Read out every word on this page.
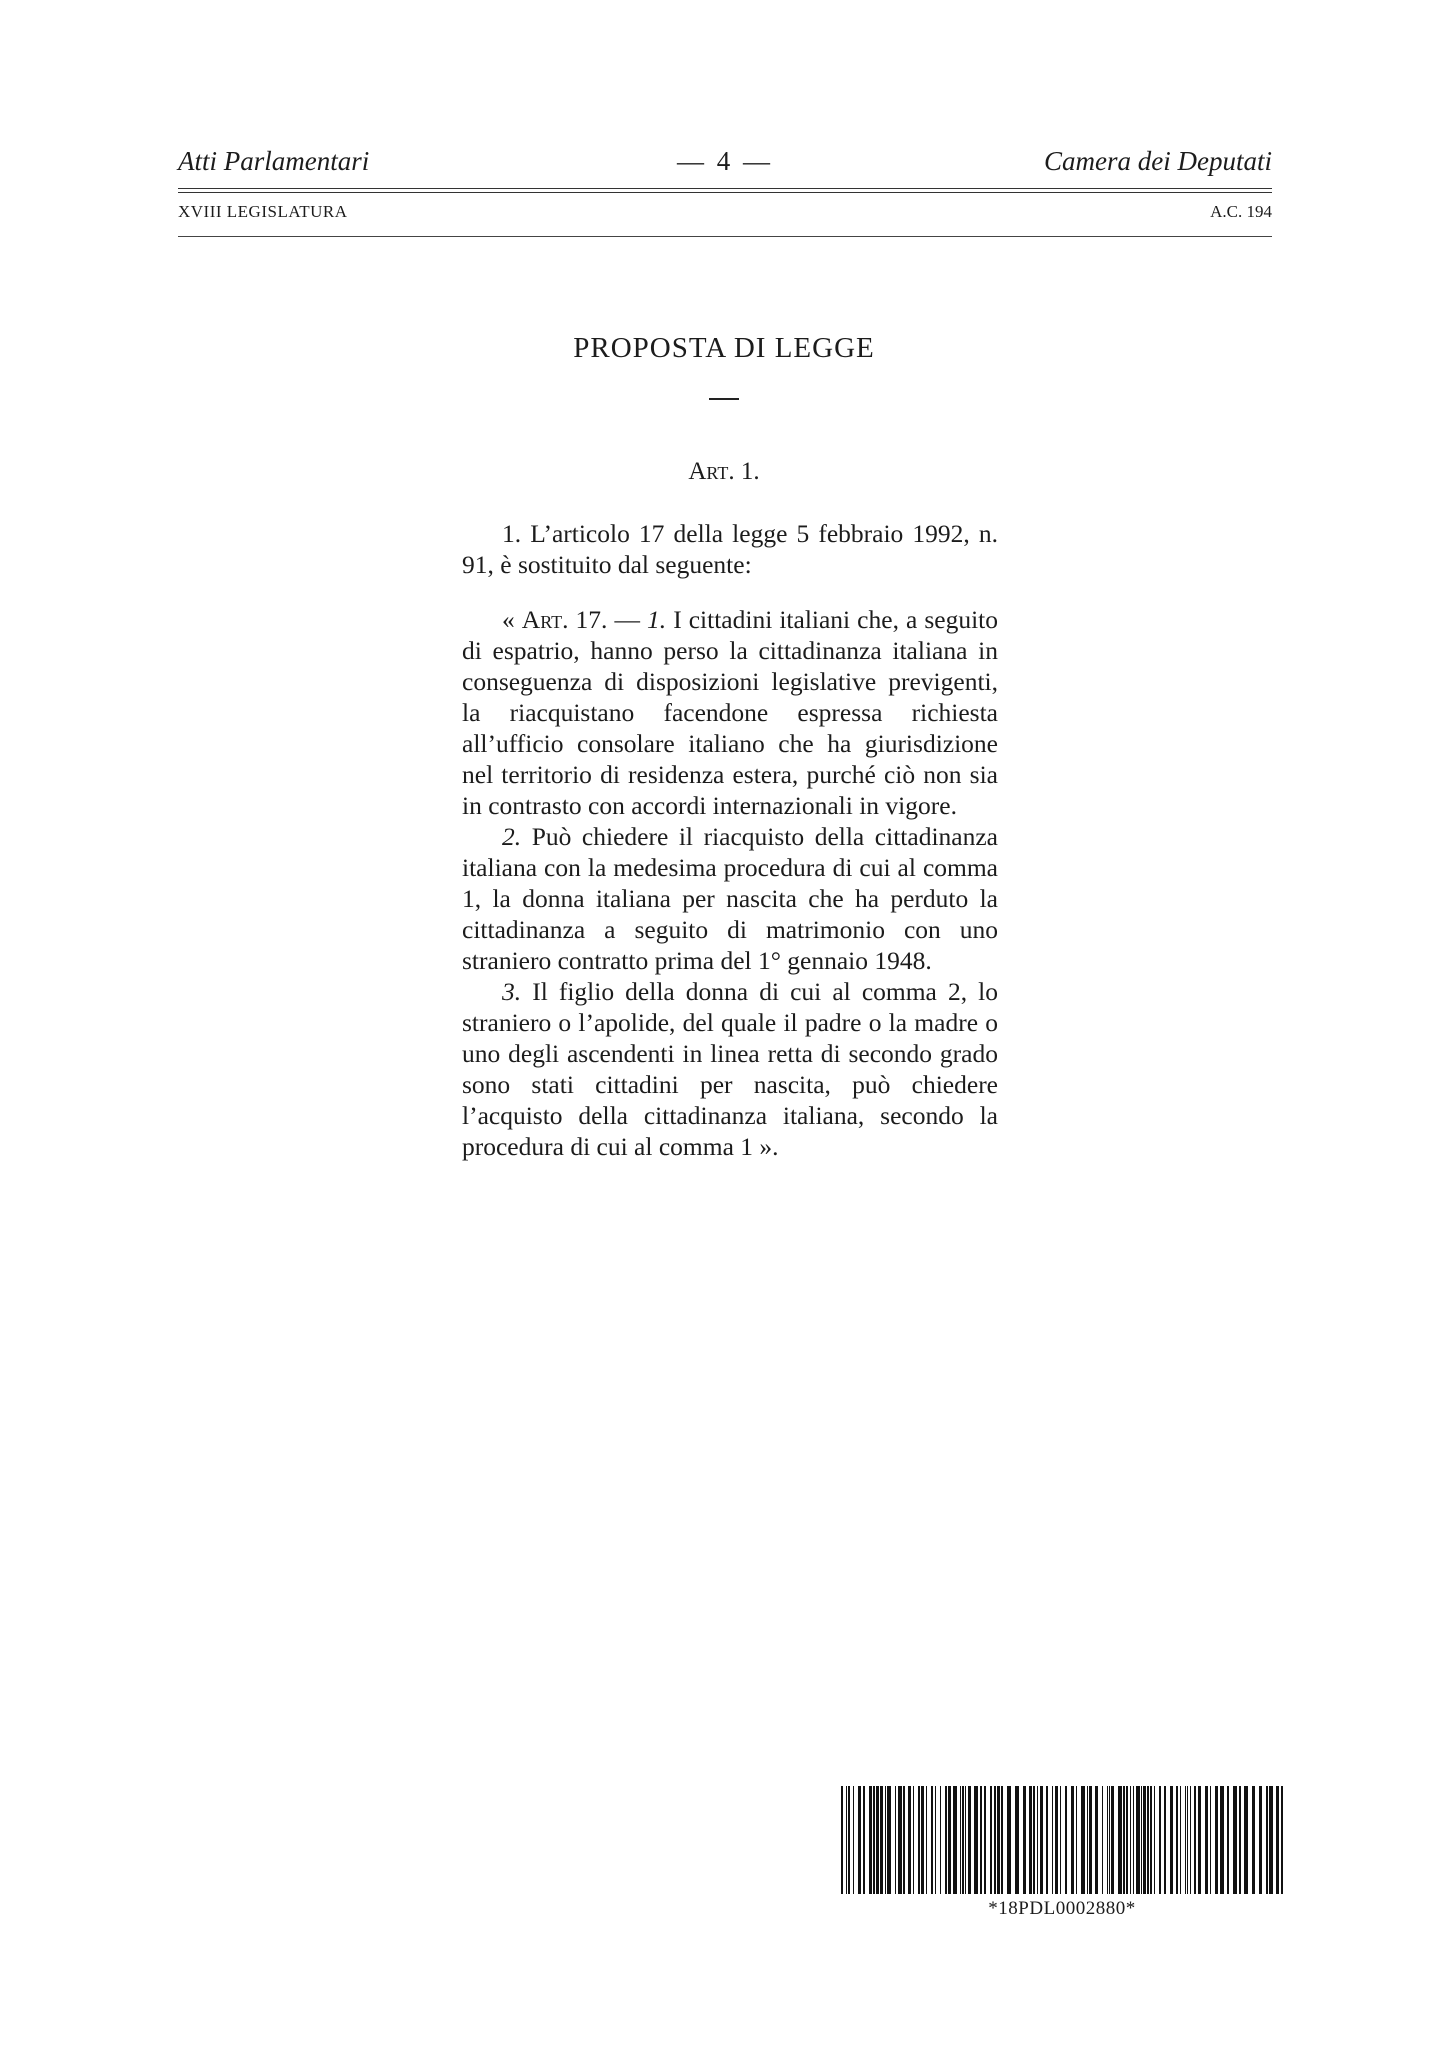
Atti Parlamentari	— 4 —	Camera dei Deputati
XVIII LEGISLATURA	A.C. 194
PROPOSTA DI LEGGE
Art. 1.

1. L’articolo 17 della legge 5 febbraio 1992, n. 91, è sostituito dal seguente:

« Art. 17. — 1. I cittadini italiani che, a seguito di espatrio, hanno perso la cittadinanza italiana in conseguenza di disposizioni legislative previgenti, la riacquistano facendone espressa richiesta all’ufficio consolare italiano che ha giurisdizione nel territorio di residenza estera, purché ciò non sia in contrasto con accordi internazionali in vigore.

2. Può chiedere il riacquisto della cittadinanza italiana con la medesima procedura di cui al comma 1, la donna italiana per nascita che ha perduto la cittadinanza a seguito di matrimonio con uno straniero contratto prima del 1° gennaio 1948.

3. Il figlio della donna di cui al comma 2, lo straniero o l’apolide, del quale il padre o la madre o uno degli ascendenti in linea retta di secondo grado sono stati cittadini per nascita, può chiedere l’acquisto della cittadinanza italiana, secondo la procedura di cui al comma 1 ».

*18PDL0002880*
